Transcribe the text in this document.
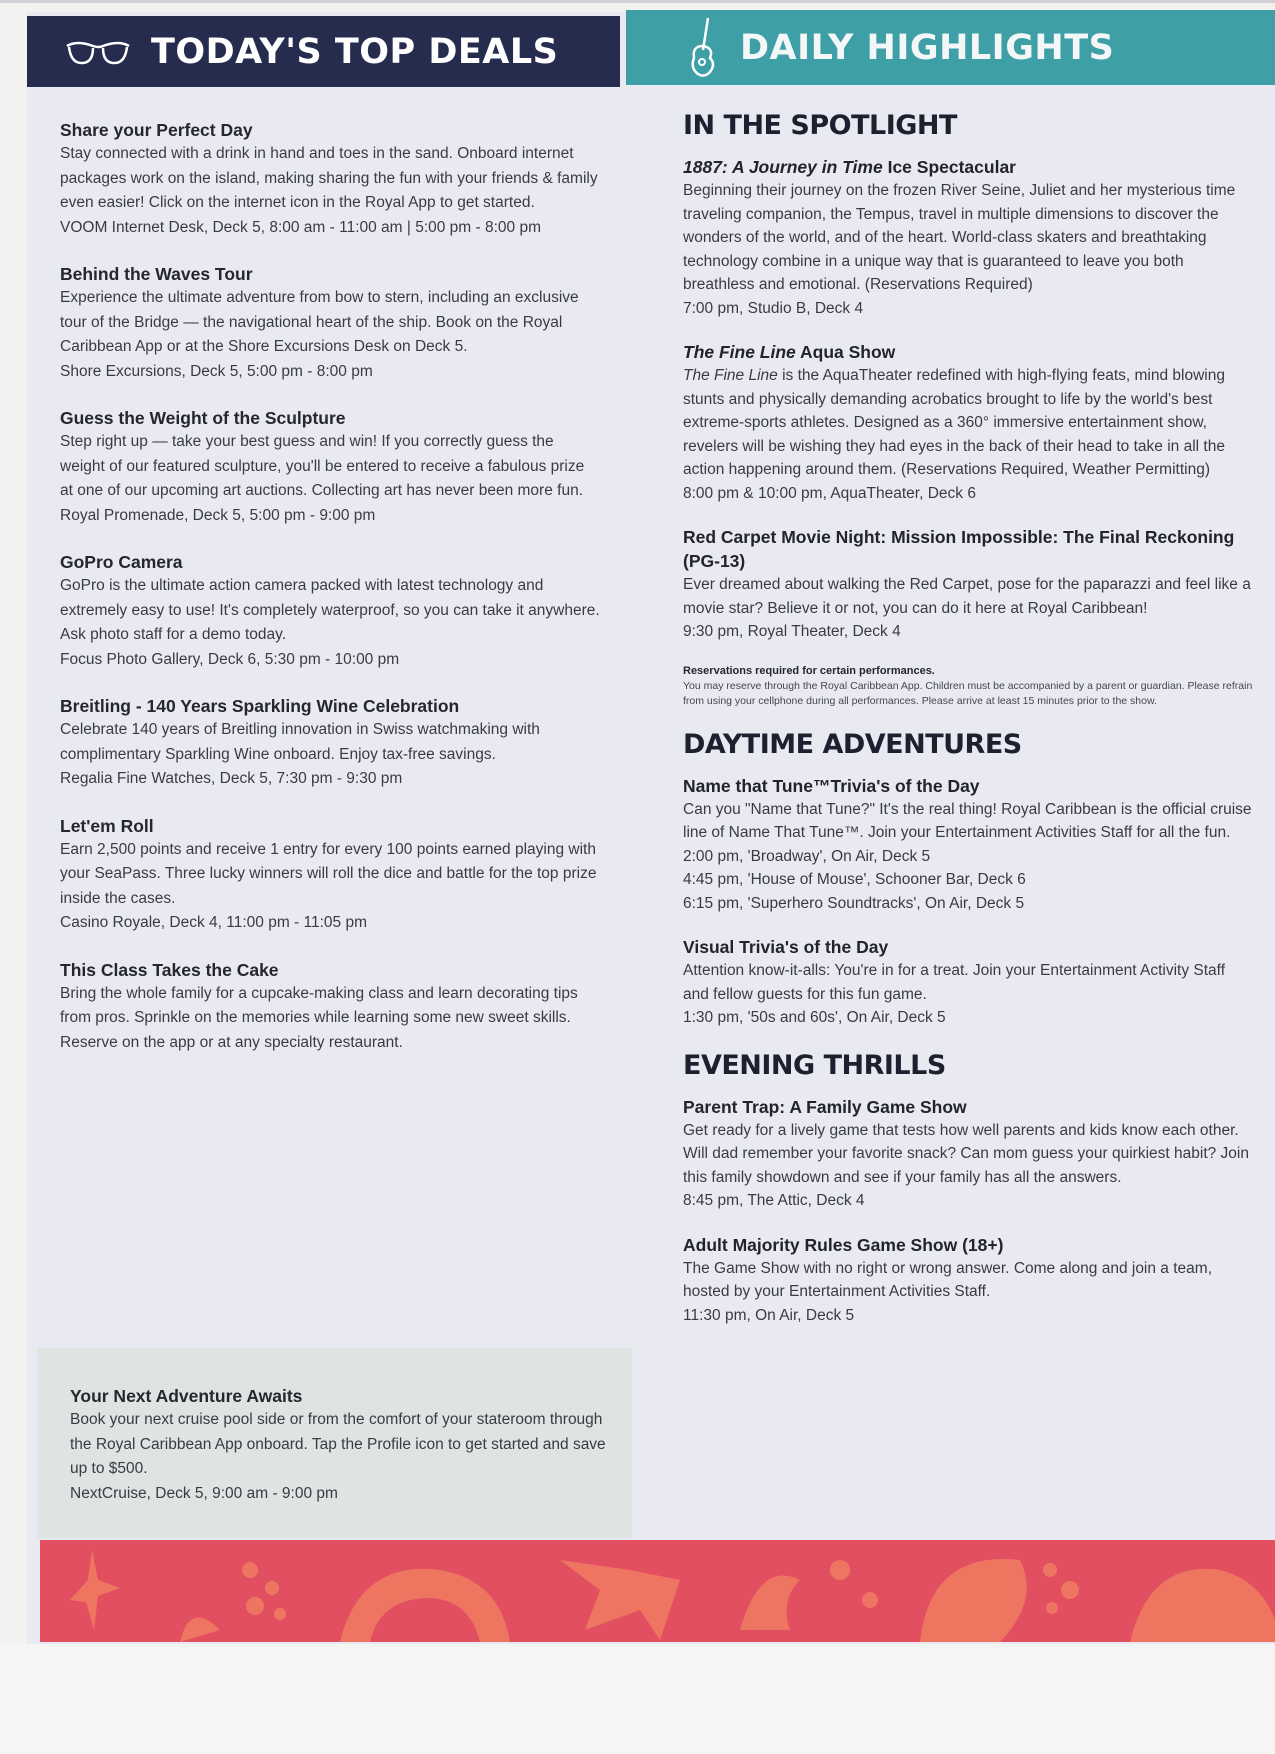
TODAY'S TOP DEALS	DAILY HIGHLIGHTS
Share your Perfect Day
Stay connected with a drink in hand and toes in the sand. Onboard internet packages work on the island, making sharing the fun with your friends & family even easier! Click on the internet icon in the Royal App to get started.
VOOM Internet Desk, Deck 5, 8:00 am - 11:00 am | 5:00 pm - 8:00 pm
Behind the Waves Tour
Experience the ultimate adventure from bow to stern, including an exclusive tour of the Bridge — the navigational heart of the ship. Book on the Royal Caribbean App or at the Shore Excursions Desk on Deck 5.
Shore Excursions, Deck 5, 5:00 pm - 8:00 pm
Guess the Weight of the Sculpture
Step right up — take your best guess and win! If you correctly guess the weight of our featured sculpture, you'll be entered to receive a fabulous prize at one of our upcoming art auctions. Collecting art has never been more fun.
Royal Promenade, Deck 5, 5:00 pm - 9:00 pm
GoPro Camera
GoPro is the ultimate action camera packed with latest technology and extremely easy to use! It's completely waterproof, so you can take it anywhere. Ask photo staff for a demo today.
Focus Photo Gallery, Deck 6, 5:30 pm - 10:00 pm
Breitling - 140 Years Sparkling Wine Celebration
Celebrate 140 years of Breitling innovation in Swiss watchmaking with complimentary Sparkling Wine onboard. Enjoy tax-free savings.
Regalia Fine Watches, Deck 5, 7:30 pm - 9:30 pm
Let'em Roll
Earn 2,500 points and receive 1 entry for every 100 points earned playing with your SeaPass. Three lucky winners will roll the dice and battle for the top prize inside the cases.
Casino Royale, Deck 4, 11:00 pm - 11:05 pm
This Class Takes the Cake
Bring the whole family for a cupcake-making class and learn decorating tips from pros. Sprinkle on the memories while learning some new sweet skills. Reserve on the app or at any specialty restaurant.
Your Next Adventure Awaits
Book your next cruise pool side or from the comfort of your stateroom through the Royal Caribbean App onboard. Tap the Profile icon to get started and save up to $500.
NextCruise, Deck 5, 9:00 am - 9:00 pm
IN THE SPOTLIGHT
1887: A Journey in Time Ice Spectacular
Beginning their journey on the frozen River Seine, Juliet and her mysterious time traveling companion, the Tempus, travel in multiple dimensions to discover the wonders of the world, and of the heart. World-class skaters and breathtaking technology combine in a unique way that is guaranteed to leave you both breathless and emotional. (Reservations Required)
7:00 pm, Studio B, Deck 4
The Fine Line Aqua Show
The Fine Line is the AquaTheater redefined with high-flying feats, mind blowing stunts and physically demanding acrobatics brought to life by the world's best extreme-sports athletes. Designed as a 360° immersive entertainment show, revelers will be wishing they had eyes in the back of their head to take in all the action happening around them. (Reservations Required, Weather Permitting)
8:00 pm & 10:00 pm, AquaTheater, Deck 6
Red Carpet Movie Night: Mission Impossible: The Final Reckoning (PG-13)
Ever dreamed about walking the Red Carpet, pose for the paparazzi and feel like a movie star? Believe it or not, you can do it here at Royal Caribbean!
9:30 pm, Royal Theater, Deck 4
Reservations required for certain performances.
You may reserve through the Royal Caribbean App. Children must be accompanied by a parent or guardian. Please refrain from using your cellphone during all performances. Please arrive at least 15 minutes prior to the show.
DAYTIME ADVENTURES
Name that Tune™Trivia's of the Day
Can you "Name that Tune?" It's the real thing! Royal Caribbean is the official cruise line of Name That Tune™. Join your Entertainment Activities Staff for all the fun.
2:00 pm, 'Broadway', On Air, Deck 5
4:45 pm, 'House of Mouse', Schooner Bar, Deck 6
6:15 pm, 'Superhero Soundtracks', On Air, Deck 5
Visual Trivia's of the Day
Attention know-it-alls: You're in for a treat. Join your Entertainment Activity Staff and fellow guests for this fun game.
1:30 pm, '50s and 60s', On Air, Deck 5
EVENING THRILLS
Parent Trap: A Family Game Show
Get ready for a lively game that tests how well parents and kids know each other. Will dad remember your favorite snack? Can mom guess your quirkiest habit? Join this family showdown and see if your family has all the answers.
8:45 pm, The Attic, Deck 4
Adult Majority Rules Game Show (18+)
The Game Show with no right or wrong answer. Come along and join a team, hosted by your Entertainment Activities Staff.
11:30 pm, On Air, Deck 5
